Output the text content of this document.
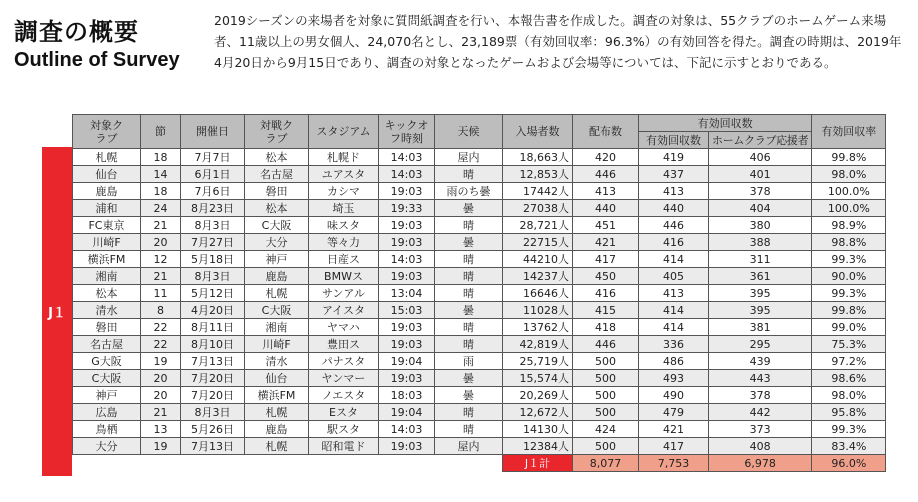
調査の概要
Outline of Survey
2019シーズンの来場者を対象に質問紙調査を行い、本報告書を作成した。調査の対象は、55クラブのホームゲーム来場者、11歳以上の男女個人、24,070名とし、23,189票（有効回収率：96.3%）の有効回答を得た。調査の時期は、2019年4月20日から9月15日であり、調査の対象となったゲームおよび会場等については、下記に示すとおりである。
J１
対象クラブ	節	開催日	対戦クラブ	スタジアム	キックオフ時刻	天候	入場者数	配布数	有効回収数		有効回収率
									有効回収数	ホームクラブ応援者	
札幌	18	7月7日	松本	札幌ド	14:03	屋内	18,663人	420	419	406	99.8%
仙台	14	6月1日	名古屋	ユアスタ	14:03	晴	12,853人	446	437	401	98.0%
鹿島	18	7月6日	磐田	カシマ	19:03	雨のち曇	17442人	413	413	378	100.0%
浦和	24	8月23日	松本	埼玉	19:33	曇	27038人	440	440	404	100.0%
FC東京	21	8月3日	C大阪	味スタ	19:03	晴	28,721人	451	446	380	98.9%
川崎F	20	7月27日	大分	等々力	19:03	曇	22715人	421	416	388	98.8%
横浜FM	12	5月18日	神戸	日産ス	14:03	晴	44210人	417	414	311	99.3%
湘南	21	8月3日	鹿島	BMWス	19:03	晴	14237人	450	405	361	90.0%
松本	11	5月12日	札幌	サンアル	13:04	晴	16646人	416	413	395	99.3%
清水	8	4月20日	C大阪	アイスタ	15:03	曇	11028人	415	414	395	99.8%
磐田	22	8月11日	湘南	ヤマハ	19:03	晴	13762人	418	414	381	99.0%
名古屋	22	8月10日	川崎F	豊田ス	19:03	晴	42,819人	446	336	295	75.3%
G大阪	19	7月13日	清水	パナスタ	19:04	雨	25,719人	500	486	439	97.2%
C大阪	20	7月20日	仙台	ヤンマー	19:03	曇	15,574人	500	493	443	98.6%
神戸	20	7月20日	横浜FM	ノエスタ	18:03	曇	20,269人	500	490	378	98.0%
広島	21	8月3日	札幌	Eスタ	19:04	晴	12,672人	500	479	442	95.8%
鳥栖	13	5月26日	鹿島	駅スタ	14:03	晴	14130人	424	421	373	99.3%
大分	19	7月13日	札幌	昭和電ド	19:03	屋内	12384人	500	417	408	83.4%
							J１計	8,077	7,753	6,978	96.0%
